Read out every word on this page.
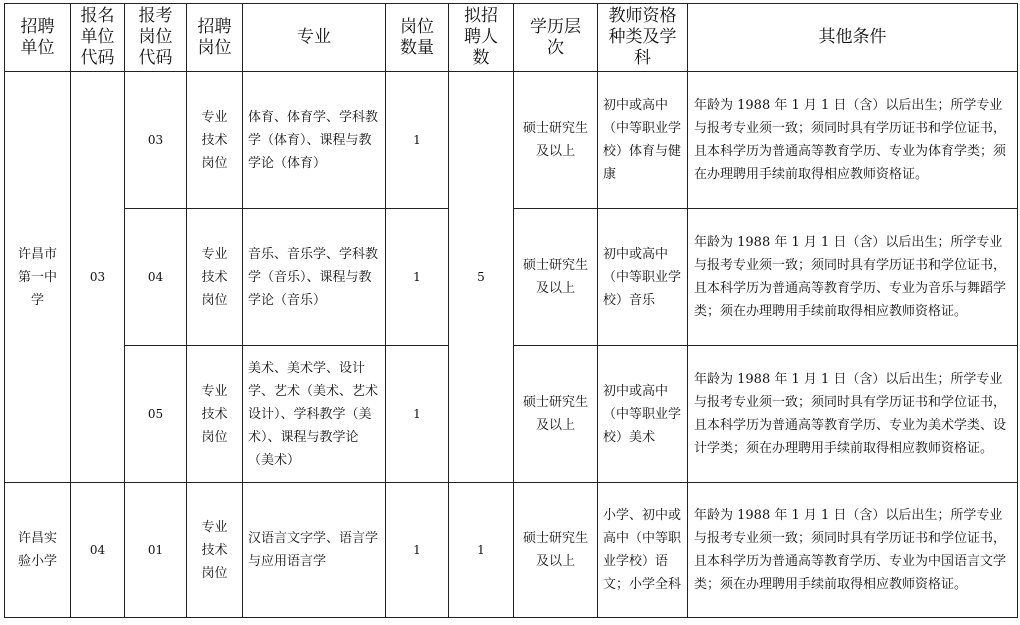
招聘单位	报名单位代码	报考岗位代码	招聘岗位	专业	岗位数量	拟招聘人数	学历层次	教师资格种类及学科	其他条件
许昌市第一中学	03	03	专业技术岗位	体育、体育学、学科教学（体育）、课程与教学论（体育）	1	5	硕士研究生及以上	初中或高中（中等职业学校）体育与健康	年龄为 1988 年 1 月 1 日（含）以后出生；所学专业与报考专业须一致；须同时具有学历证书和学位证书，且本科学历为普通高等教育学历、专业为体育学类；须在办理聘用手续前取得相应教师资格证。
		04	专业技术岗位	音乐、音乐学、学科教学（音乐）、课程与教学论（音乐）	1		硕士研究生及以上	初中或高中（中等职业学校）音乐	年龄为 1988 年 1 月 1 日（含）以后出生；所学专业与报考专业须一致；须同时具有学历证书和学位证书，且本科学历为普通高等教育学历、专业为音乐与舞蹈学类；须在办理聘用手续前取得相应教师资格证。
		05	专业技术岗位	美术、美术学、设计学、艺术（美术、艺术设计）、学科教学（美术）、课程与教学论（美术）	1		硕士研究生及以上	初中或高中（中等职业学校）美术	年龄为 1988 年 1 月 1 日（含）以后出生；所学专业与报考专业须一致；须同时具有学历证书和学位证书，且本科学历为普通高等教育学历、专业为美术学类、设计学类；须在办理聘用手续前取得相应教师资格证。
许昌实验小学	04	01	专业技术岗位	汉语言文字学、语言学与应用语言学	1	1	硕士研究生及以上	小学、初中或高中（中等职业学校）语文；小学全科	年龄为 1988 年 1 月 1 日（含）以后出生；所学专业与报考专业须一致；须同时具有学历证书和学位证书，且本科学历为普通高等教育学历、专业为中国语言文学类；须在办理聘用手续前取得相应教师资格证。
